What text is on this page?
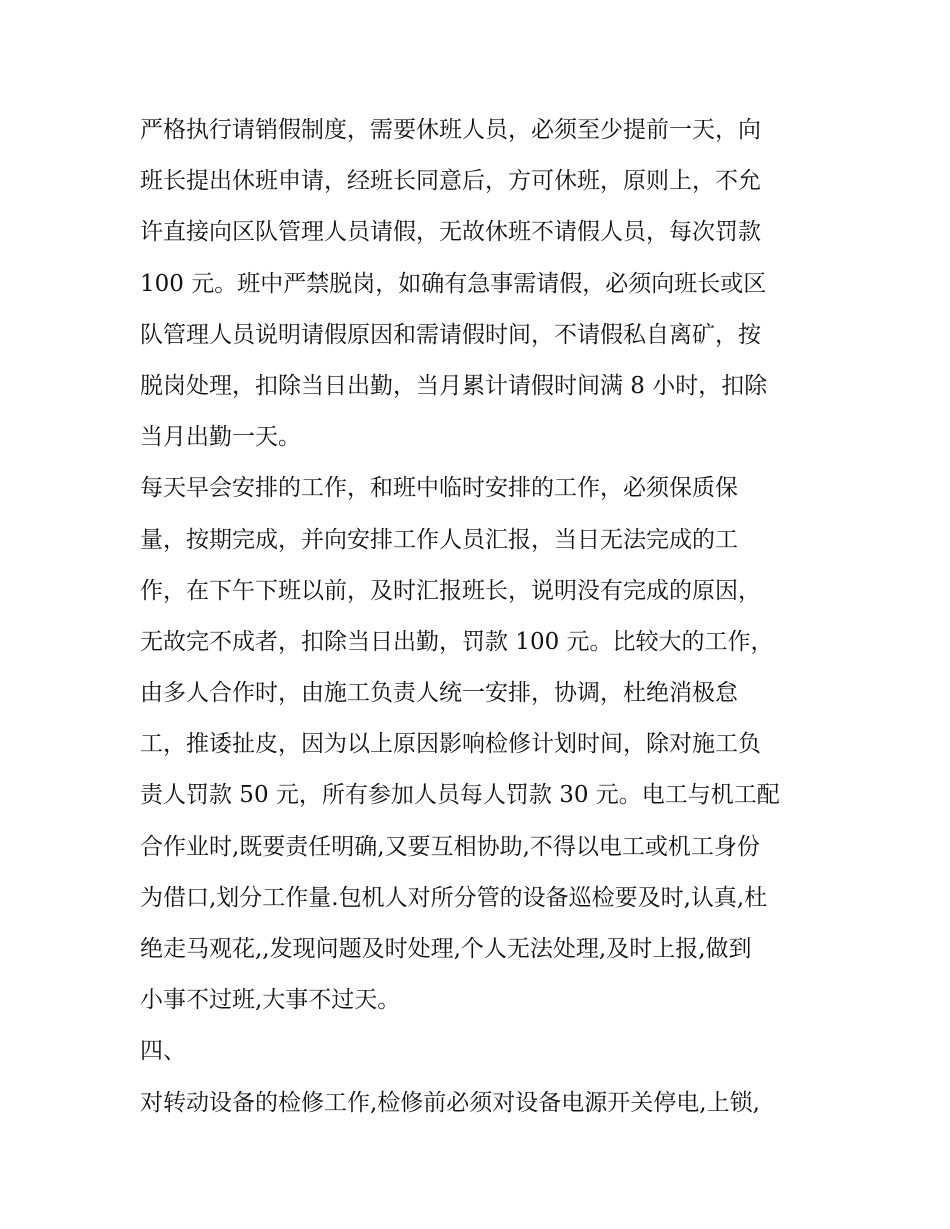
严格执行请销假制度，需要休班人员，必须至少提前一天，向

班长提出休班申请，经班长同意后，方可休班，原则上，不允

许直接向区队管理人员请假，无故休班不请假人员，每次罚款

100 元。班中严禁脱岗，如确有急事需请假，必须向班长或区

队管理人员说明请假原因和需请假时间，不请假私自离矿，按

脱岗处理，扣除当日出勤，当月累计请假时间满 8 小时，扣除

当月出勤一天。

每天早会安排的工作，和班中临时安排的工作，必须保质保

量，按期完成，并向安排工作人员汇报，当日无法完成的工

作，在下午下班以前，及时汇报班长，说明没有完成的原因，

无故完不成者，扣除当日出勤，罚款 100 元。比较大的工作，

由多人合作时，由施工负责人统一安排，协调，杜绝消极怠

工，推诿扯皮，因为以上原因影响检修计划时间，除对施工负

责人罚款 50 元，所有参加人员每人罚款 30 元。电工与机工配

合作业时,既要责任明确,又要互相协助,不得以电工或机工身份

为借口,划分工作量.包机人对所分管的设备巡检要及时,认真,杜

绝走马观花,,发现问题及时处理,个人无法处理,及时上报,做到

小事不过班,大事不过天。

四、

对转动设备的检修工作,检修前必须对设备电源开关停电,上锁,
